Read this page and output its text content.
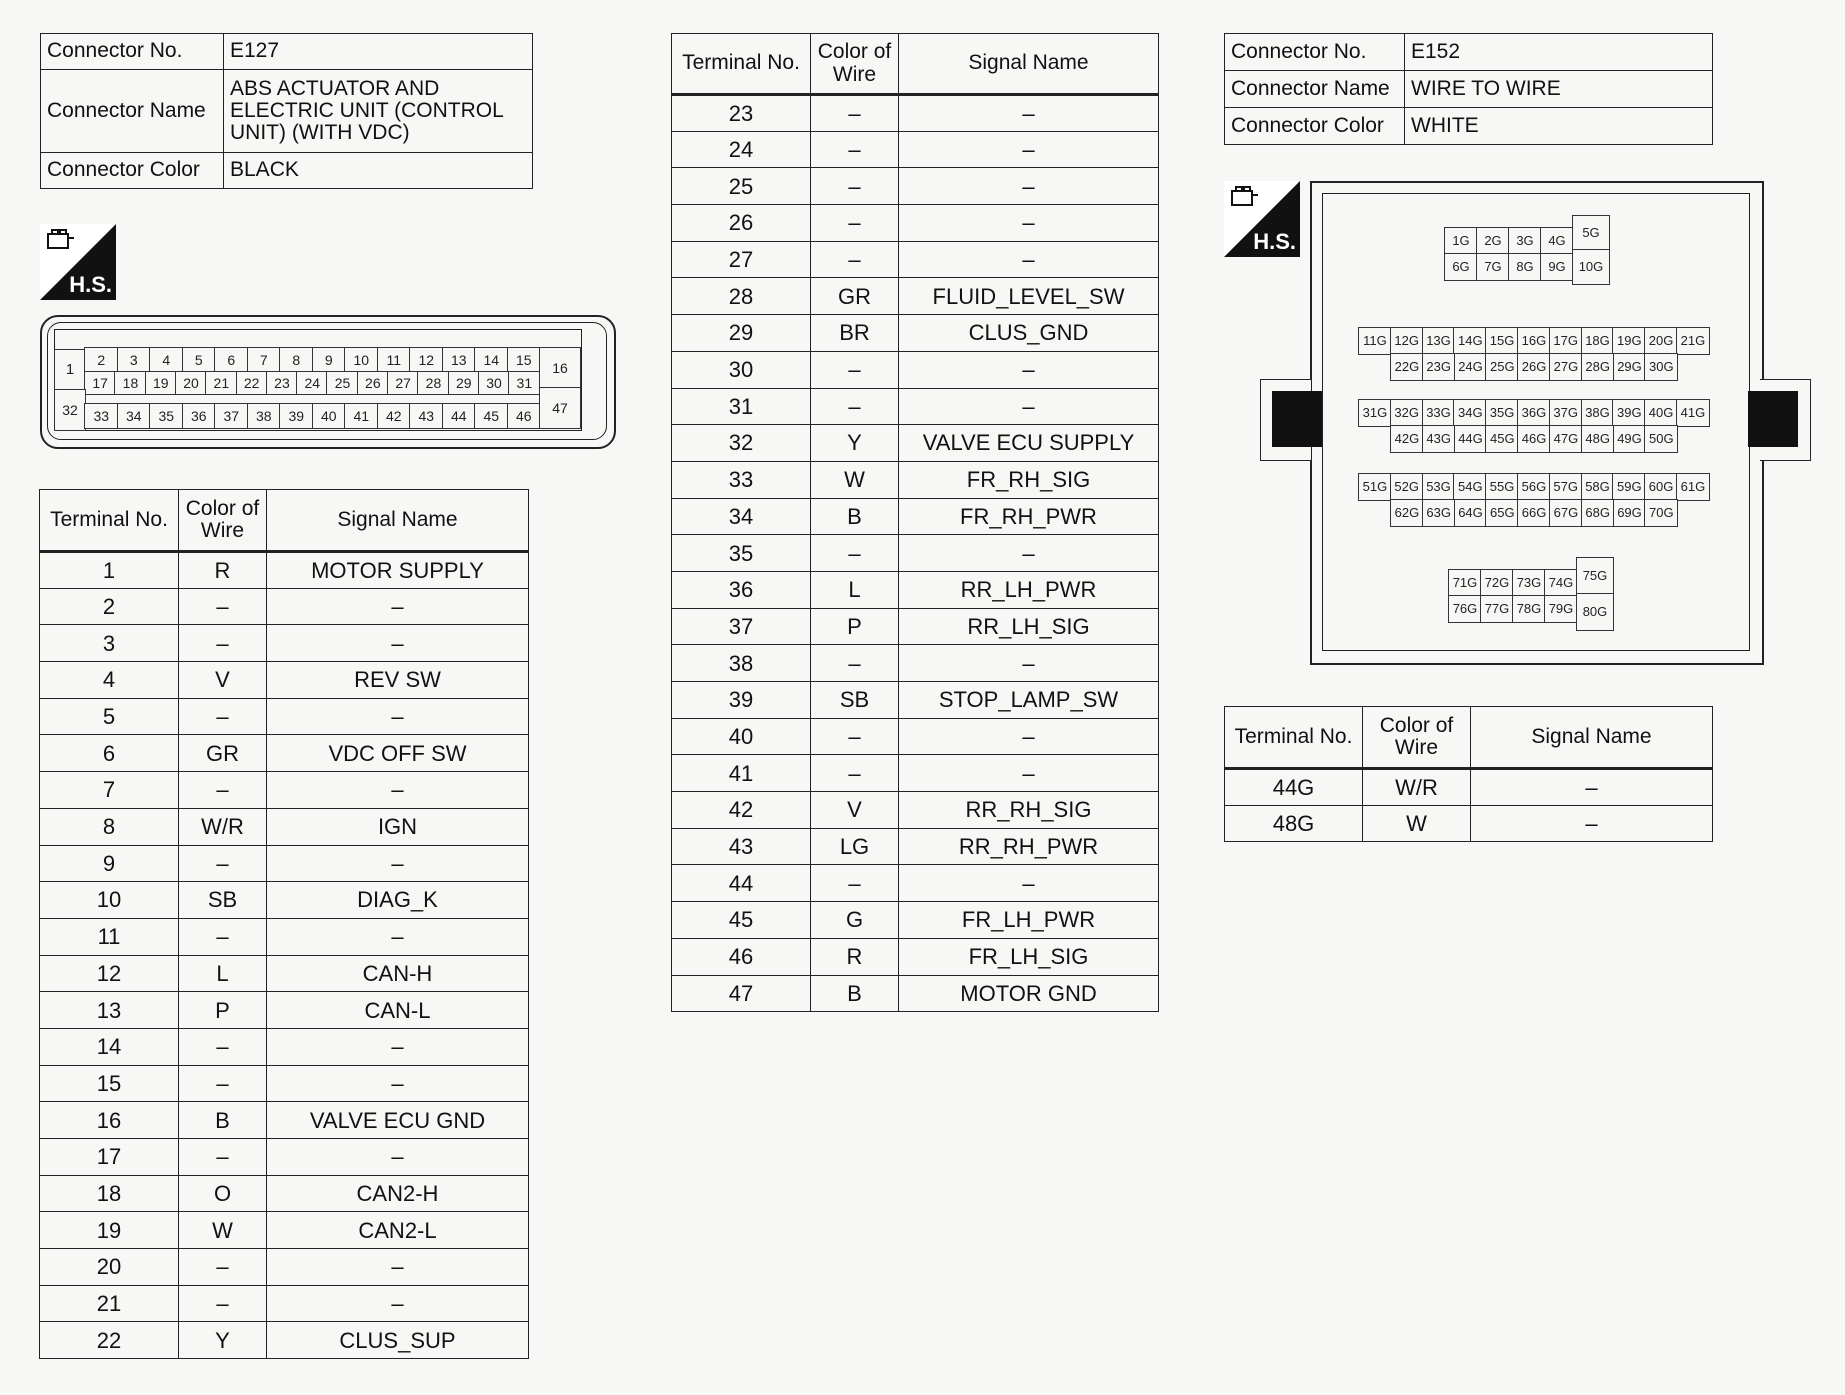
Connector No.	E127
Connector Name	ABS ACTUATOR AND ELECTRIC UNIT (CONTROL UNIT) (WITH VDC)
Connector Color	BLACK
H.S.
1
2	3	4	5	6	7	8	9	10	11	12	13	14	15	16
17	18	19	20	21	22	23	24	25	26	27	28	29	30	31
32	33	34	35	36	37	38	39	40	41	42	43	44	45	46	47
Terminal No.	Color of Wire	Signal Name
1	R	MOTOR SUPPLY
2	–	–
3	–	–
4	V	REV SW
5	–	–
6	GR	VDC OFF SW
7	–	–
8	W/R	IGN
9	–	–
10	SB	DIAG_K
11	–	–
12	L	CAN-H
13	P	CAN-L
14	–	–
15	–	–
16	B	VALVE ECU GND
17	–	–
18	O	CAN2-H
19	W	CAN2-L
20	–	–
21	–	–
22	Y	CLUS_SUP
Terminal No.	Color of Wire	Signal Name
23	–	–
24	–	–
25	–	–
26	–	–
27	–	–
28	GR	FLUID_LEVEL_SW
29	BR	CLUS_GND
30	–	–
31	–	–
32	Y	VALVE ECU SUPPLY
33	W	FR_RH_SIG
34	B	FR_RH_PWR
35	–	–
36	L	RR_LH_PWR
37	P	RR_LH_SIG
38	–	–
39	SB	STOP_LAMP_SW
40	–	–
41	–	–
42	V	RR_RH_SIG
43	LG	RR_RH_PWR
44	–	–
45	G	FR_LH_PWR
46	R	FR_LH_SIG
47	B	MOTOR GND
Connector No.	E152
Connector Name	WIRE TO WIRE
Connector Color	WHITE
H.S.	1G	2G	3G	4G
6G	7G	8G	9G
5G
10G
11G 12G 13G 14G 15G 16G 17G 18G 19G 20G 21G
22G 23G 24G 25G 26G 27G 28G 29G 30G
31G 32G 33G 34G 35G 36G 37G 38G 39G 40G 41G
42G 43G 44G 45G 46G 47G 48G 49G 50G
51G 52G 53G 54G 55G 56G 57G 58G 59G 60G 61G
62G 63G 64G 65G 66G 67G 68G 69G 70G
71G 72G 73G 74G
76G 77G 78G 79G
75G
80G
Terminal No.	Color of Wire	Signal Name
44G	W/R	–
48G	W	–
